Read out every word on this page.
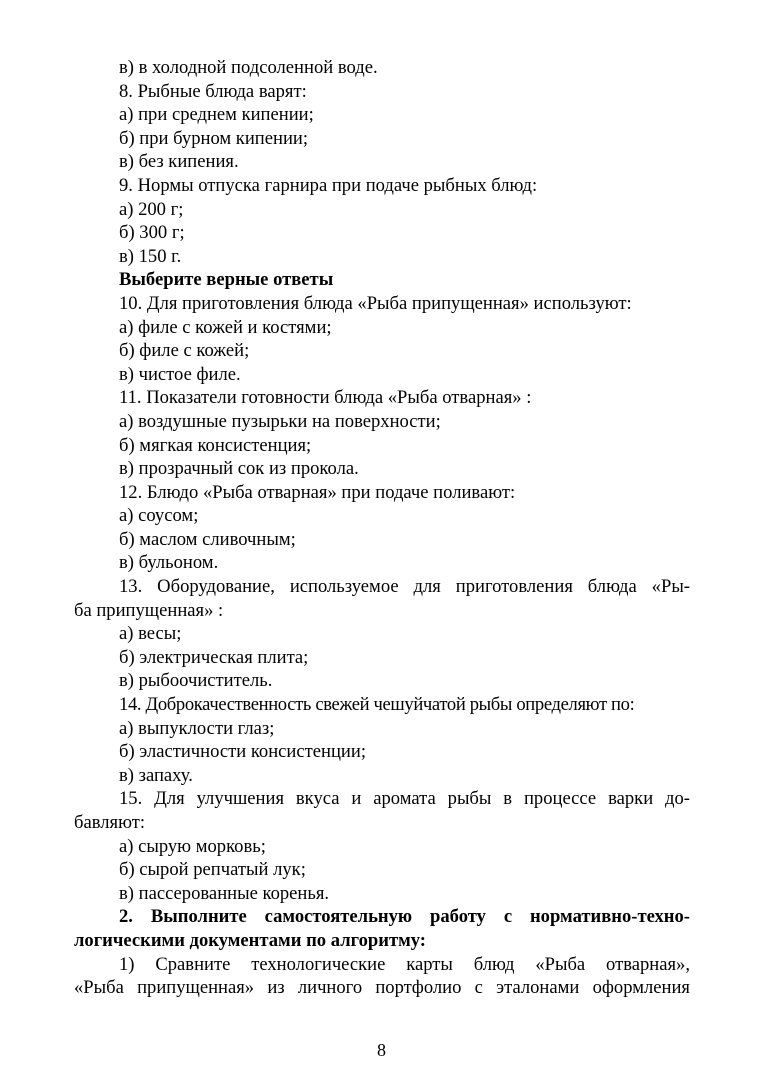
в) в холодной подсоленной воде.

8. Рыбные блюда варят:

а) при среднем кипении;

б) при бурном кипении;

в) без кипения.

9. Нормы отпуска гарнира при подаче рыбных блюд:

а) 200 г;

б) 300 г;

в) 150 г.

Выберите верные ответы

10. Для приготовления блюда «Рыба припущенная» используют:

а) филе с кожей и костями;

б) филе с кожей;

в) чистое филе.

11. Показатели готовности блюда «Рыба отварная» :

а) воздушные пузырьки на поверхности;

б) мягкая консистенция;

в) прозрачный сок из прокола.

12. Блюдо «Рыба отварная» при подаче поливают:

а) соусом;

б) маслом сливочным;

в) бульоном.

13. Оборудование, используемое для приготовления блюда «Ры-

ба припущенная» :

а) весы;

б) электрическая плита;

в) рыбоочиститель.

14. Доброкачественность свежей чешуйчатой рыбы определяют по:

а) выпуклости глаз;

б) эластичности консистенции;

в) запаху.

15. Для улучшения вкуса и аромата рыбы в процессе варки до-

бавляют:

а) сырую морковь;

б) сырой репчатый лук;

в) пассерованные коренья.

2. Выполните самостоятельную работу с нормативно-техно-

логическими документами по алгоритму:

1) Сравните технологические карты блюд «Рыба отварная»,

«Рыба припущенная» из личного портфолио с эталонами оформления

8
